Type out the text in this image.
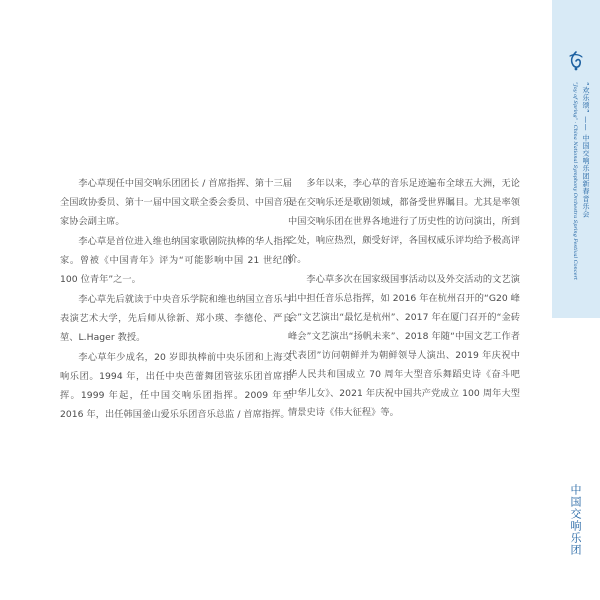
李心草现任中国交响乐团团长 / 首席指挥、第十三届全国政协委员、第十一届中国文联全委会委员、中国音乐家协会副主席。

李心草是首位进入维也纳国家歌剧院执棒的华人指挥家。曾被《中国青年》评为“可能影响中国 21 世纪的 100 位青年”之一。

李心草先后就读于中央音乐学院和维也纳国立音乐与表演艺术大学，先后师从徐新、郑小瑛、李德伦、严良堃、L.Hager 教授。

李心草年少成名，20 岁即执棒前中央乐团和上海交响乐团。1994 年，出任中央芭蕾舞团管弦乐团首席指挥。1999 年起，任中国交响乐团指挥。2009 年至 2016 年，出任韩国釜山爱乐乐团音乐总监 / 首席指挥。

多年以来，李心草的音乐足迹遍布全球五大洲，无论是在交响乐还是歌剧领域，都备受世界瞩目。尤其是率领中国交响乐团在世界各地进行了历史性的访问演出，所到之处，响应热烈，颇受好评，各国权威乐评均给予极高评价。

李心草多次在国家级国事活动以及外交活动的文艺演出中担任音乐总指挥，如 2016 年在杭州召开的“G20 峰会”文艺演出“最忆是杭州”、2017 年在厦门召开的“金砖峰会”文艺演出“扬帆未来”、2018 年随“中国文艺工作者代表团”访问朝鲜并为朝鲜领导人演出、2019 年庆祝中华人民共和国成立 70 周年大型音乐舞蹈史诗《奋斗吧 中华儿女》、2021 年庆祝中国共产党成立 100 周年大型情景史诗《伟大征程》等。

“Joy of Spring” · China National Symphony Orchestra Spring Festival Concert “欢乐颂” —— 中国交响乐团新春音乐会
中国交响乐团
